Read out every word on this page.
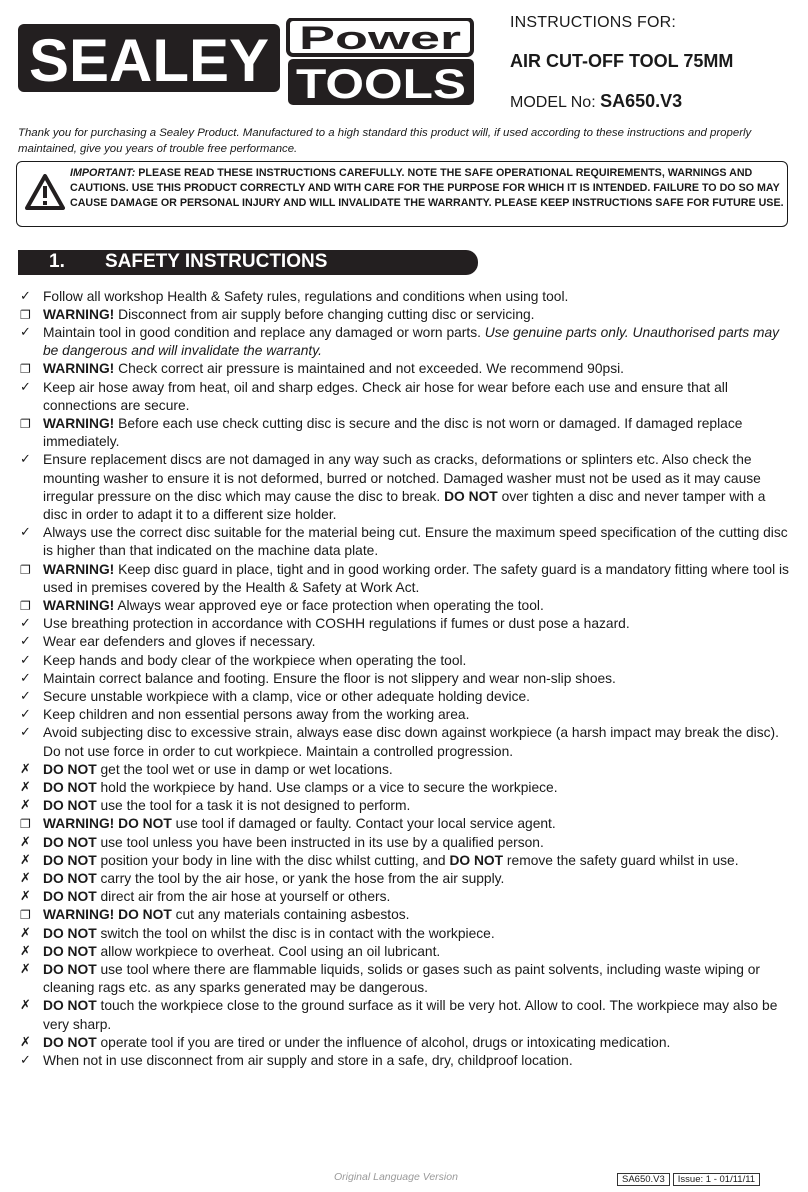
SEALEY Power
TOOLS
INSTRUCTIONS FOR:
AIR CUT-OFF TOOL 75MM
MODEL No: SA650.V3
Thank you for purchasing a Sealey Product. Manufactured to a high standard this product will, if used according to these instructions and properly maintained, give you years of trouble free performance.
IMPORTANT: PLEASE READ THESE INSTRUCTIONS CAREFULLY. NOTE THE SAFE OPERATIONAL REQUIREMENTS, WARNINGS AND CAUTIONS. USE THIS PRODUCT CORRECTLY AND WITH CARE FOR THE PURPOSE FOR WHICH IT IS INTENDED. FAILURE TO DO SO MAY CAUSE DAMAGE OR PERSONAL INJURY AND WILL INVALIDATE THE WARRANTY. PLEASE KEEP INSTRUCTIONS SAFE FOR FUTURE USE.
1. SAFETY INSTRUCTIONS
✓ Follow all workshop Health & Safety rules, regulations and conditions when using tool.
❐ WARNING! Disconnect from air supply before changing cutting disc or servicing.
✓ Maintain tool in good condition and replace any damaged or worn parts. Use genuine parts only. Unauthorised parts may be dangerous and will invalidate the warranty.
❐ WARNING! Check correct air pressure is maintained and not exceeded. We recommend 90psi.
✓ Keep air hose away from heat, oil and sharp edges. Check air hose for wear before each use and ensure that all connections are secure.
❐ WARNING! Before each use check cutting disc is secure and the disc is not worn or damaged. If damaged replace immediately.
✓ Ensure replacement discs are not damaged in any way such as cracks, deformations or splinters etc. Also check the mounting washer to ensure it is not deformed, burred or notched. Damaged washer must not be used as it may cause irregular pressure on the disc which may cause the disc to break. DO NOT over tighten a disc and never tamper with a disc in order to adapt it to a different size holder.
✓ Always use the correct disc suitable for the material being cut. Ensure the maximum speed specification of the cutting disc is higher than that indicated on the machine data plate.
❐ WARNING! Keep disc guard in place, tight and in good working order. The safety guard is a mandatory fitting where tool is used in premises covered by the Health & Safety at Work Act.
❐ WARNING! Always wear approved eye or face protection when operating the tool.
✓ Use breathing protection in accordance with COSHH regulations if fumes or dust pose a hazard.
✓ Wear ear defenders and gloves if necessary.
✓ Keep hands and body clear of the workpiece when operating the tool.
✓ Maintain correct balance and footing. Ensure the floor is not slippery and wear non-slip shoes.
✓ Secure unstable workpiece with a clamp, vice or other adequate holding device.
✓ Keep children and non essential persons away from the working area.
✓ Avoid subjecting disc to excessive strain, always ease disc down against workpiece (a harsh impact may break the disc). Do not use force in order to cut workpiece. Maintain a controlled progression.
✗ DO NOT get the tool wet or use in damp or wet locations.
✗ DO NOT hold the workpiece by hand. Use clamps or a vice to secure the workpiece.
✗ DO NOT use the tool for a task it is not designed to perform.
❐ WARNING! DO NOT use tool if damaged or faulty. Contact your local service agent.
✗ DO NOT use tool unless you have been instructed in its use by a qualified person.
✗ DO NOT position your body in line with the disc whilst cutting, and DO NOT remove the safety guard whilst in use.
✗ DO NOT carry the tool by the air hose, or yank the hose from the air supply.
✗ DO NOT direct air from the air hose at yourself or others.
❐ WARNING! DO NOT cut any materials containing asbestos.
✗ DO NOT switch the tool on whilst the disc is in contact with the workpiece.
✗ DO NOT allow workpiece to overheat. Cool using an oil lubricant.
✗ DO NOT use tool where there are flammable liquids, solids or gases such as paint solvents, including waste wiping or cleaning rags etc. as any sparks generated may be dangerous.
✗ DO NOT touch the workpiece close to the ground surface as it will be very hot. Allow to cool. The workpiece may also be very sharp.
✗ DO NOT operate tool if you are tired or under the influence of alcohol, drugs or intoxicating medication.
✓ When not in use disconnect from air supply and store in a safe, dry, childproof location.
Original Language Version	SA650.V3	Issue: 1 - 01/11/11
